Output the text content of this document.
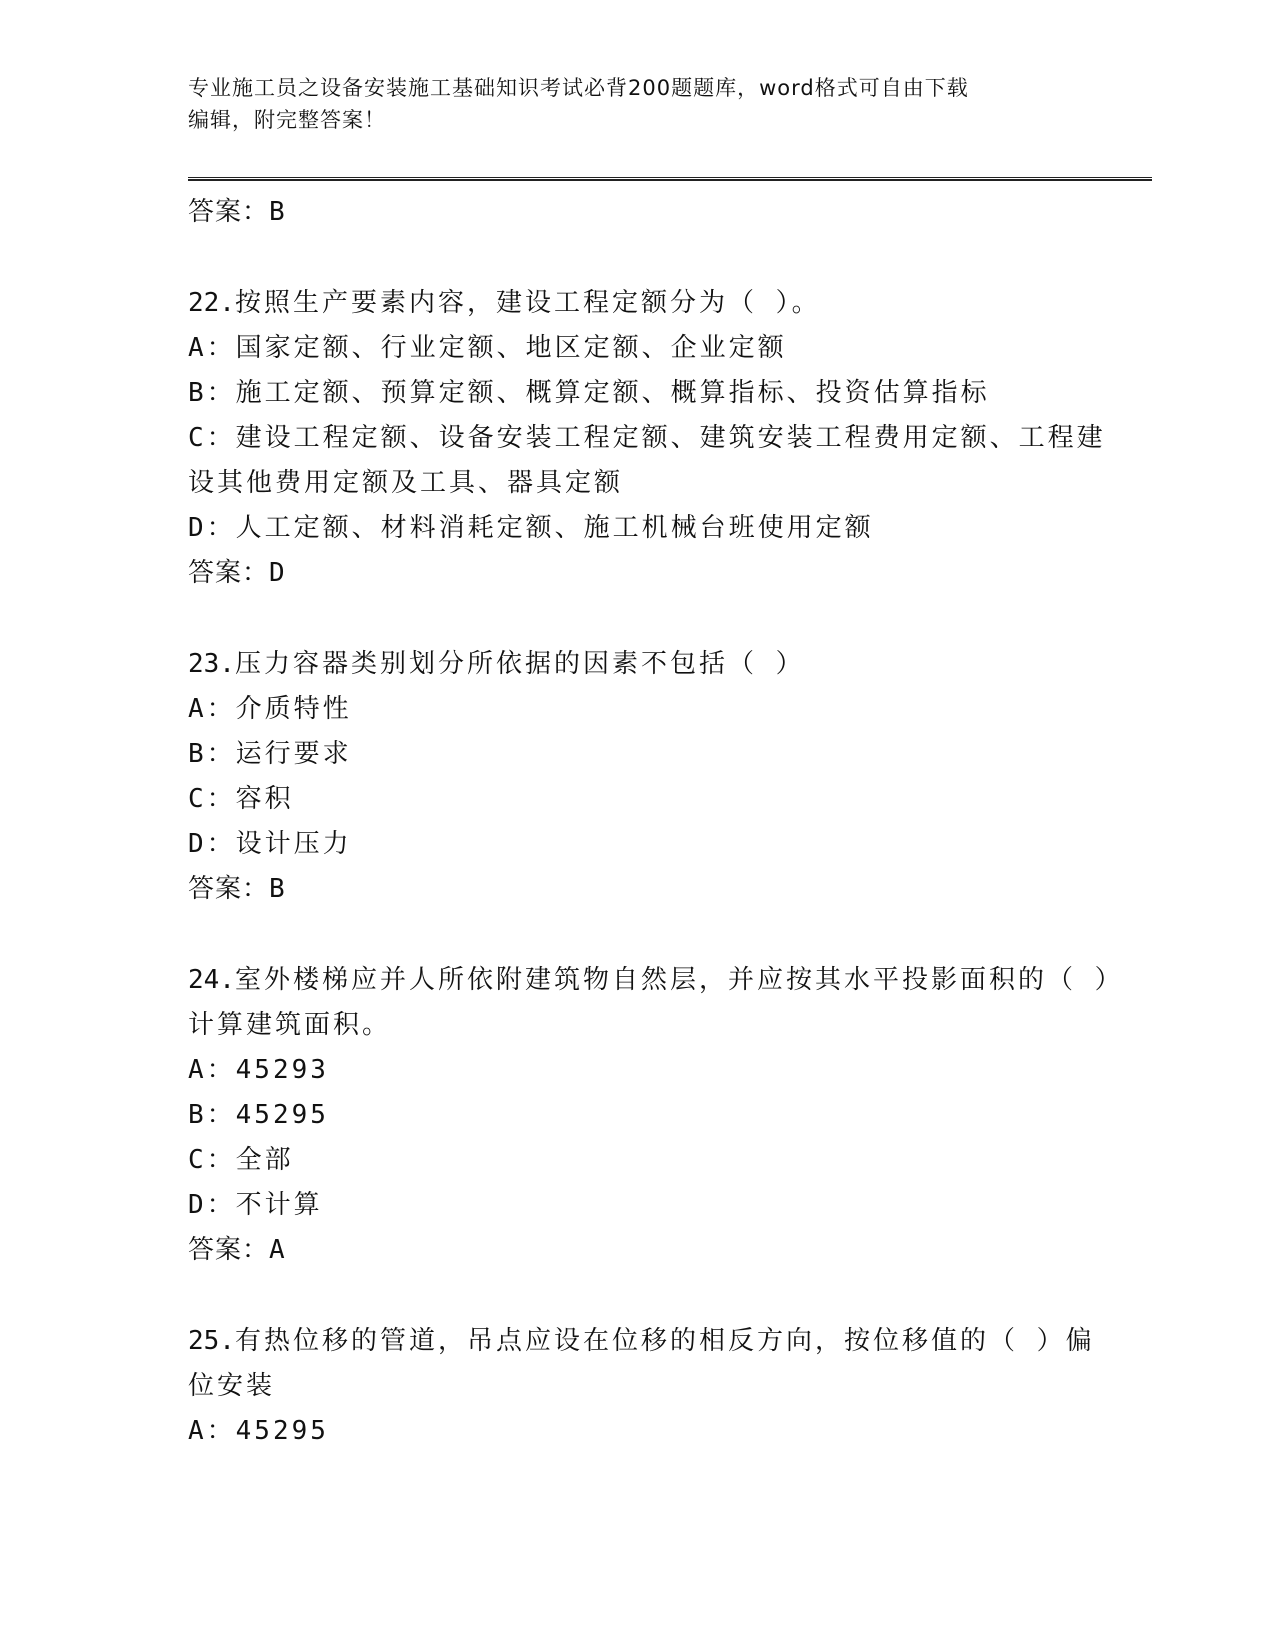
专业施工员之设备安装施工基础知识考试必背200题题库，word格式可自由下载
编辑，附完整答案！
答案：B
22.按照生产要素内容，建设工程定额分为（ ）。
A：国家定额、行业定额、地区定额、企业定额
B：施工定额、预算定额、概算定额、概算指标、投资估算指标
C：建设工程定额、设备安装工程定额、建筑安装工程费用定额、工程建设其他费用定额及工具、器具定额
D：人工定额、材料消耗定额、施工机械台班使用定额
答案：D
23.压力容器类别划分所依据的因素不包括（ ）
A：介质特性
B：运行要求
C：容积
D：设计压力
答案：B
24.室外楼梯应并人所依附建筑物自然层，并应按其水平投影面积的（ ）计算建筑面积。
A：45293
B：45295
C：全部
D：不计算
答案：A
25.有热位移的管道，吊点应设在位移的相反方向，按位移值的（ ）偏位安装
A：45295
